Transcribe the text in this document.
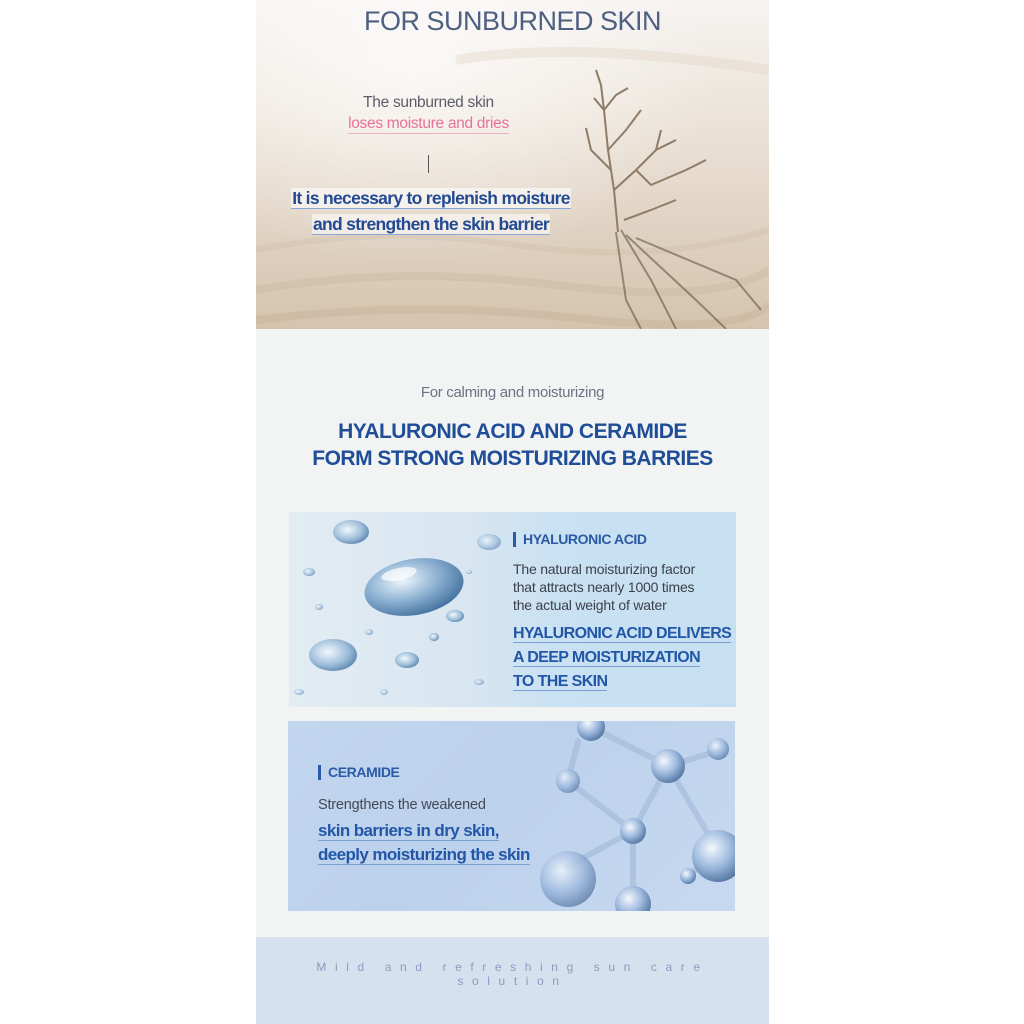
FOR SUNBURNED SKIN
The sunburned skin
loses moisture and dries
It is necessary to replenish moisture
and strengthen the skin barrier
For calming and moisturizing
HYALURONIC ACID AND CERAMIDE
FORM STRONG MOISTURIZING BARRIES
HYALURONIC ACID
The natural moisturizing factor
that attracts nearly 1000 times
the actual weight of water
HYALURONIC ACID DELIVERS
A DEEP MOISTURIZATION
TO THE SKIN
CERAMIDE
Strengthens the weakened
skin barriers in dry skin,
deeply moisturizing the skin
Mild and refreshing sun care solution
